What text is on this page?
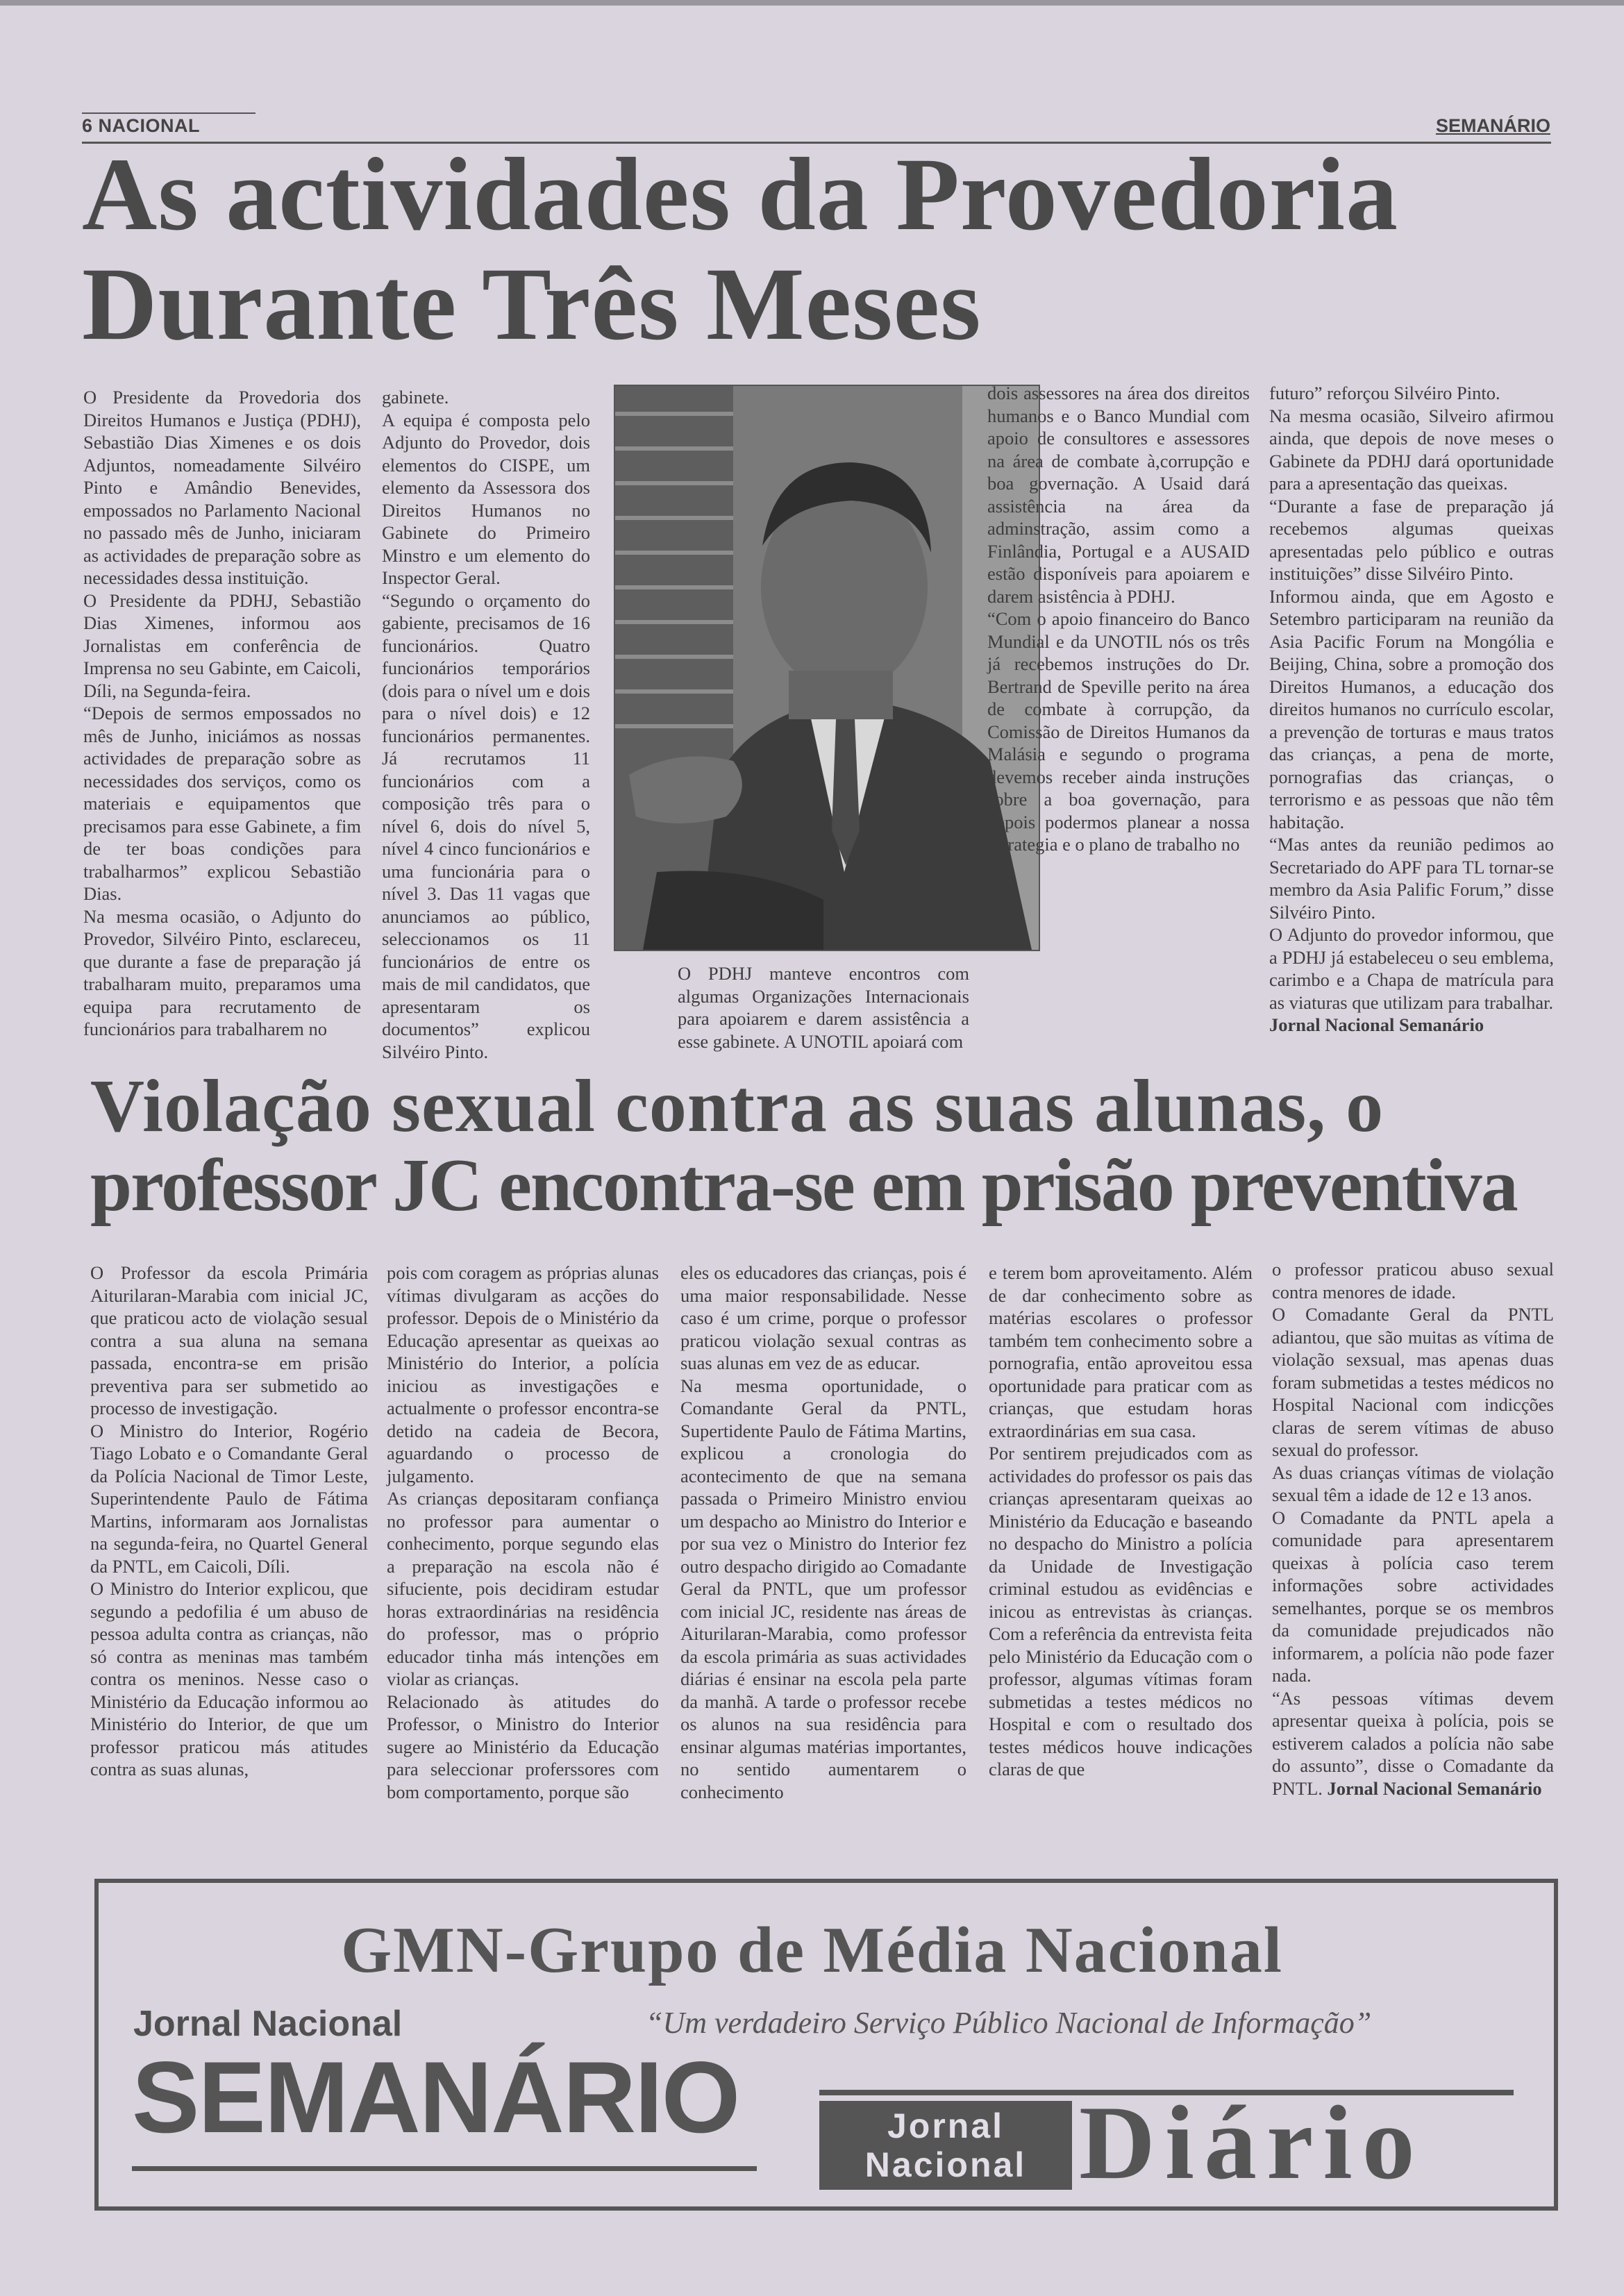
6 NACIONAL	SEMANÁRIO
As actividades da Provedoria
Durante Três Meses

O Presidente da Provedoria dos Direitos Humanos e Justiça (PDHJ), Sebastião Dias Ximenes e os dois Adjuntos, nomeadamente Silvéiro Pinto e Amândio Benevides, empossados no Parlamento Nacional no passado mês de Junho, iniciaram as actividades de preparação sobre as necessidades dessa instituição.

O Presidente da PDHJ, Sebastião Dias Ximenes, informou aos Jornalistas em conferência de Imprensa no seu Gabinte, em Caicoli, Díli, na Segunda-feira.

“Depois de sermos empossados no mês de Junho, iniciámos as nossas actividades de preparação sobre as necessidades dos serviços, como os materiais e equipamentos que precisamos para esse Gabinete, a fim de ter boas condições para trabalharmos” explicou Sebastião Dias.

Na mesma ocasião, o Adjunto do Provedor, Silvéiro Pinto, esclareceu, que durante a fase de preparação já trabalharam muito, preparamos uma equipa para recrutamento de funcionários para trabalharem no

gabinete.

A equipa é composta pelo Adjunto do Provedor, dois elementos do CISPE, um elemento da Assessora dos Direitos Humanos no Gabinete do Primeiro Minstro e um elemento do Inspector Geral.

“Segundo o orçamento do gabiente, precisamos de 16 funcionários. Quatro funcionários temporários (dois para o nível um e dois para o nível dois) e 12 funcionários permanentes. Já recrutamos 11 funcionários com a composição três para o nível 6, dois do nível 5, nível 4 cinco funcionários e uma funcionária para o nível 3. Das 11 vagas que anunciamos ao público, seleccionamos os 11 funcionários de entre os mais de mil candidatos, que apresentaram os documentos” explicou Silvéiro Pinto.

O PDHJ manteve encontros com algumas Organizações Internacionais para apoiarem e darem assistência a esse gabinete. A UNOTIL apoiará com

dois assessores na área dos direitos humanos e o Banco Mundial com apoio de consultores e assessores na área de combate à,corrupção e boa governação. A Usaid dará assistência na área da adminstração, assim como a Finlândia, Portugal e a AUSAID estão disponíveis para apoiarem e darem asistência à PDHJ.

“Com o apoio financeiro do Banco Mundial e da UNOTIL nós os três já recebemos instruções do Dr. Bertrand de Speville perito na área de combate à corrupção, da Comissão de Direitos Humanos da Malásia e segundo o programa devemos receber ainda instruções sobre a boa governação, para depois podermos planear a nossa estrategia e o plano de trabalho no

futuro” reforçou Silvéiro Pinto.

Na mesma ocasião, Silveiro afirmou ainda, que depois de nove meses o Gabinete da PDHJ dará oportunidade para a apresentação das queixas.

“Durante a fase de preparação já recebemos algumas queixas apresentadas pelo público e outras instituições” disse Silvéiro Pinto.

Informou ainda, que em Agosto e Setembro participaram na reunião da Asia Pacific Forum na Mongólia e Beijing, China, sobre a promoção dos Direitos Humanos, a educação dos direitos humanos no currículo escolar, a prevenção de torturas e maus tratos das crianças, a pena de morte, pornografias das crianças, o terrorismo e as pessoas que não têm habitação.

“Mas antes da reunião pedimos ao Secretariado do APF para TL tornar-se membro da Asia Palific Forum,” disse Silvéiro Pinto.

O Adjunto do provedor informou, que a PDHJ já estabeleceu o seu emblema, carimbo e a Chapa de matrícula para as viaturas que utilizam para trabalhar.

Jornal Nacional Semanário

Violação sexual contra as suas alunas, o
professor JC encontra-se em prisão preventiva

O Professor da escola Primária Aiturilaran-Marabia com inicial JC, que praticou acto de violação sesual contra a sua aluna na semana passada, encontra-se em prisão preventiva para ser submetido ao processo de investigação.

O Ministro do Interior, Rogério Tiago Lobato e o Comandante Geral da Polícia Nacional de Timor Leste, Superintendente Paulo de Fátima Martins, informaram aos Jornalistas na segunda-feira, no Quartel General da PNTL, em Caicoli, Díli.

O Ministro do Interior explicou, que segundo a pedofilia é um abuso de pessoa adulta contra as crianças, não só contra as meninas mas também contra os meninos. Nesse caso o Ministério da Educação informou ao Ministério do Interior, de que um professor praticou más atitudes contra as suas alunas,

pois com coragem as próprias alunas vítimas divulgaram as acções do professor. Depois de o Ministério da Educação apresentar as queixas ao Ministério do Interior, a polícia iniciou as investigações e actualmente o professor encontra-se detido na cadeia de Becora, aguardando o processo de julgamento.

As crianças depositaram confiança no professor para aumentar o conhecimento, porque segundo elas a preparação na escola não é sifuciente, pois decidiram estudar horas extraordinárias na residência do professor, mas o próprio educador tinha más intenções em violar as crianças.

Relacionado às atitudes do Professor, o Ministro do Interior sugere ao Ministério da Educação para seleccionar proferssores com bom comportamento, porque são

eles os educadores das crianças, pois é uma maior responsabilidade. Nesse caso é um crime, porque o professor praticou violação sexual contras as suas alunas em vez de as educar.

Na mesma oportunidade, o Comandante Geral da PNTL, Supertidente Paulo de Fátima Martins, explicou a cronologia do acontecimento de que na semana passada o Primeiro Ministro enviou um despacho ao Ministro do Interior e por sua vez o Ministro do Interior fez outro despacho dirigido ao Comadante Geral da PNTL, que um professor com inicial JC, residente nas áreas de Aiturilaran-Marabia, como professor da escola primária as suas actividades diárias é ensinar na escola pela parte da manhã. A tarde o professor recebe os alunos na sua residência para ensinar algumas matérias importantes, no sentido aumentarem o conhecimento

e terem bom aproveitamento. Além de dar conhecimento sobre as matérias escolares o professor também tem conhecimento sobre a pornografia, então aproveitou essa oportunidade para praticar com as crianças, que estudam horas extraordinárias em sua casa.

Por sentirem prejudicados com as actividades do professor os pais das crianças apresentaram queixas ao Ministério da Educação e baseando no despacho do Ministro a polícia da Unidade de Investigação criminal estudou as evidências e inicou as entrevistas às crianças. Com a referência da entrevista feita pelo Ministério da Educação com o professor, algumas vítimas foram submetidas a testes médicos no Hospital e com o resultado dos testes médicos houve indicações claras de que

o professor praticou abuso sexual contra menores de idade.

O Comadante Geral da PNTL adiantou, que são muitas as vítima de violação sexsual, mas apenas duas foram submetidas a testes médicos no Hospital Nacional com indicções claras de serem vítimas de abuso sexual do professor.

As duas crianças vítimas de violação sexual têm a idade de 12 e 13 anos.

O Comadante da PNTL apela a comunidade para apresentarem queixas à polícia caso terem informações sobre actividades semelhantes, porque se os membros da comunidade prejudicados não informarem, a polícia não pode fazer nada.

“As pessoas vítimas devem apresentar queixa à polícia, pois se estiverem calados a polícia não sabe do assunto”, disse o Comadante da PNTL. Jornal Nacional Semanário

GMN-Grupo de Média Nacional
Jornal Nacional	“Um verdadeiro Serviço Público Nacional de Informação”
SEMANÁRIO	Jornal
Nacional Diário
